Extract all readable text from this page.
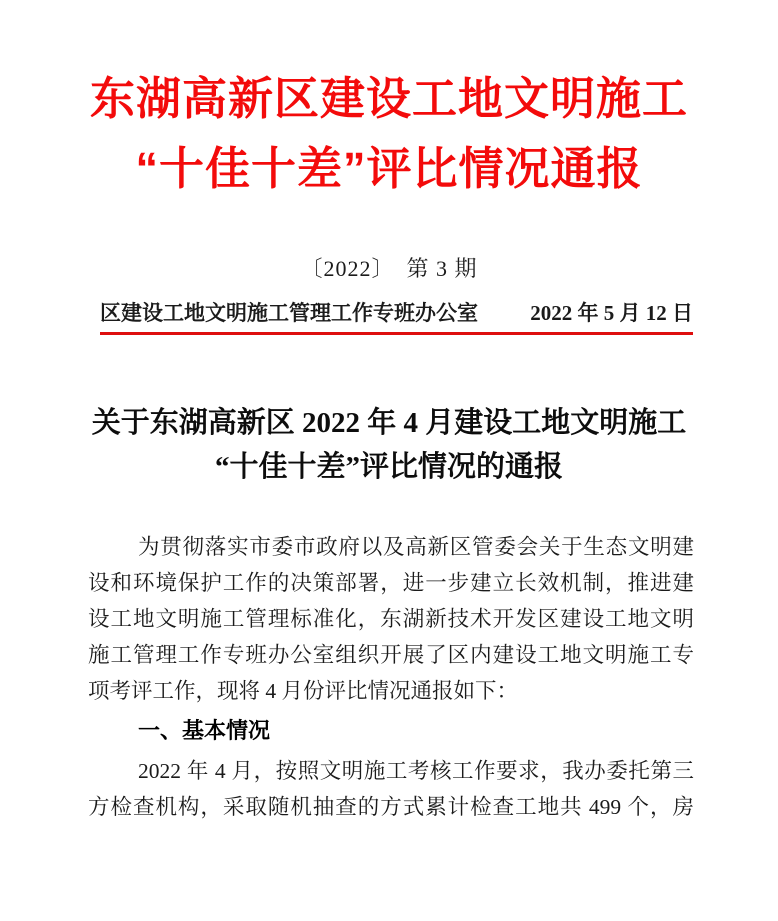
东湖高新区建设工地文明施工
“十佳十差”评比情况通报
〔2022〕　第 3 期
区建设工地文明施工管理工作专班办公室 2022 年 5 月 12 日
关于东湖高新区 2022 年 4 月建设工地文明施工
“十佳十差”评比情况的通报
为贯彻落实市委市政府以及高新区管委会关于生态文明建
设和环境保护工作的决策部署，进一步建立长效机制，推进建
设工地文明施工管理标准化，东湖新技术开发区建设工地文明
施工管理工作专班办公室组织开展了区内建设工地文明施工专
项考评工作，现将 4 月份评比情况通报如下：
一、基本情况
2022 年 4 月，按照文明施工考核工作要求，我办委托第三
方检查机构，采取随机抽查的方式累计检查工地共 499 个，房
